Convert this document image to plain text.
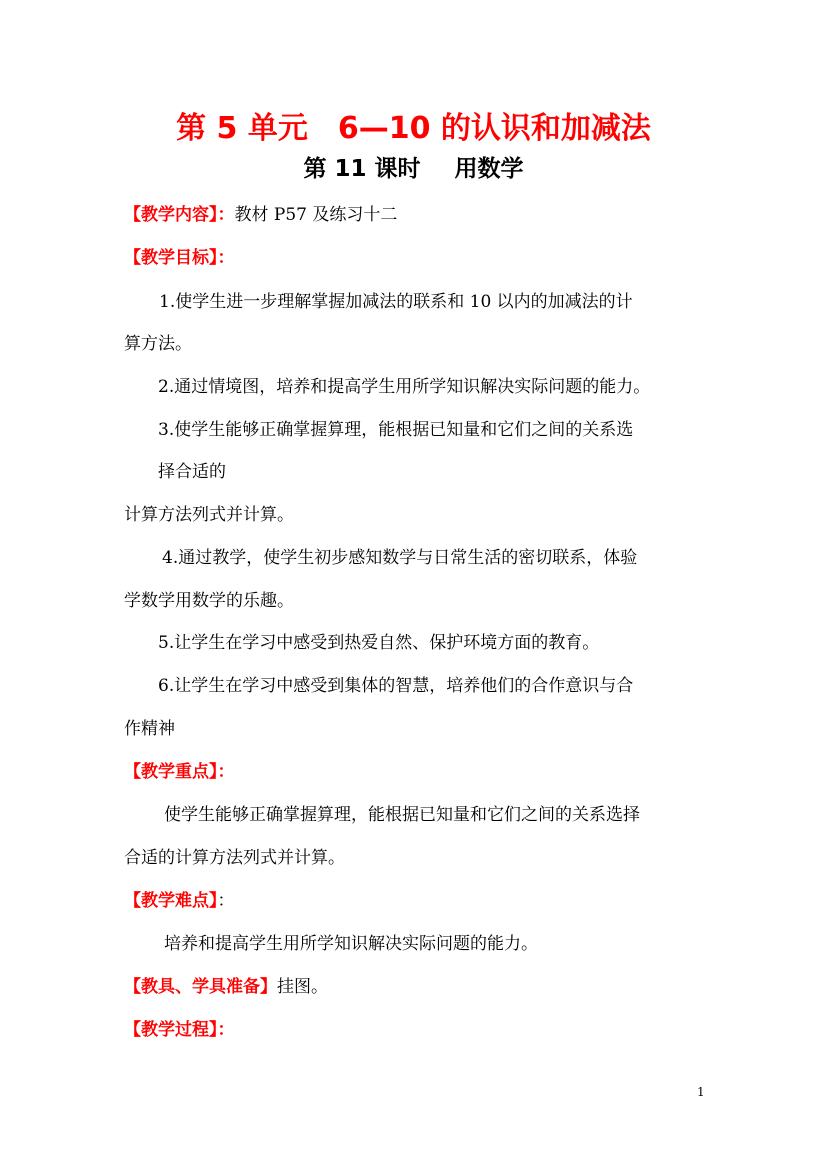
第 5 单元　6—10 的认识和加减法
第 11 课时 用数学
【教学内容】：教材 P57 及练习十二
【教学目标】：
1.使学生进一步理解掌握加减法的联系和 10 以内的加减法的计
算方法。
2.通过情境图，培养和提高学生用所学知识解决实际问题的能力。
3.使学生能够正确掌握算理，能根据已知量和它们之间的关系选
择合适的
计算方法列式并计算。
4.通过教学，使学生初步感知数学与日常生活的密切联系，体验
学数学用数学的乐趣。
5.让学生在学习中感受到热爱自然、保护环境方面的教育。
6.让学生在学习中感受到集体的智慧，培养他们的合作意识与合
作精神
【教学重点】：
使学生能够正确掌握算理，能根据已知量和它们之间的关系选择
合适的计算方法列式并计算。
【教学难点】：
培养和提高学生用所学知识解决实际问题的能力。
【教具、学具准备】挂图。
【教学过程】：
1
